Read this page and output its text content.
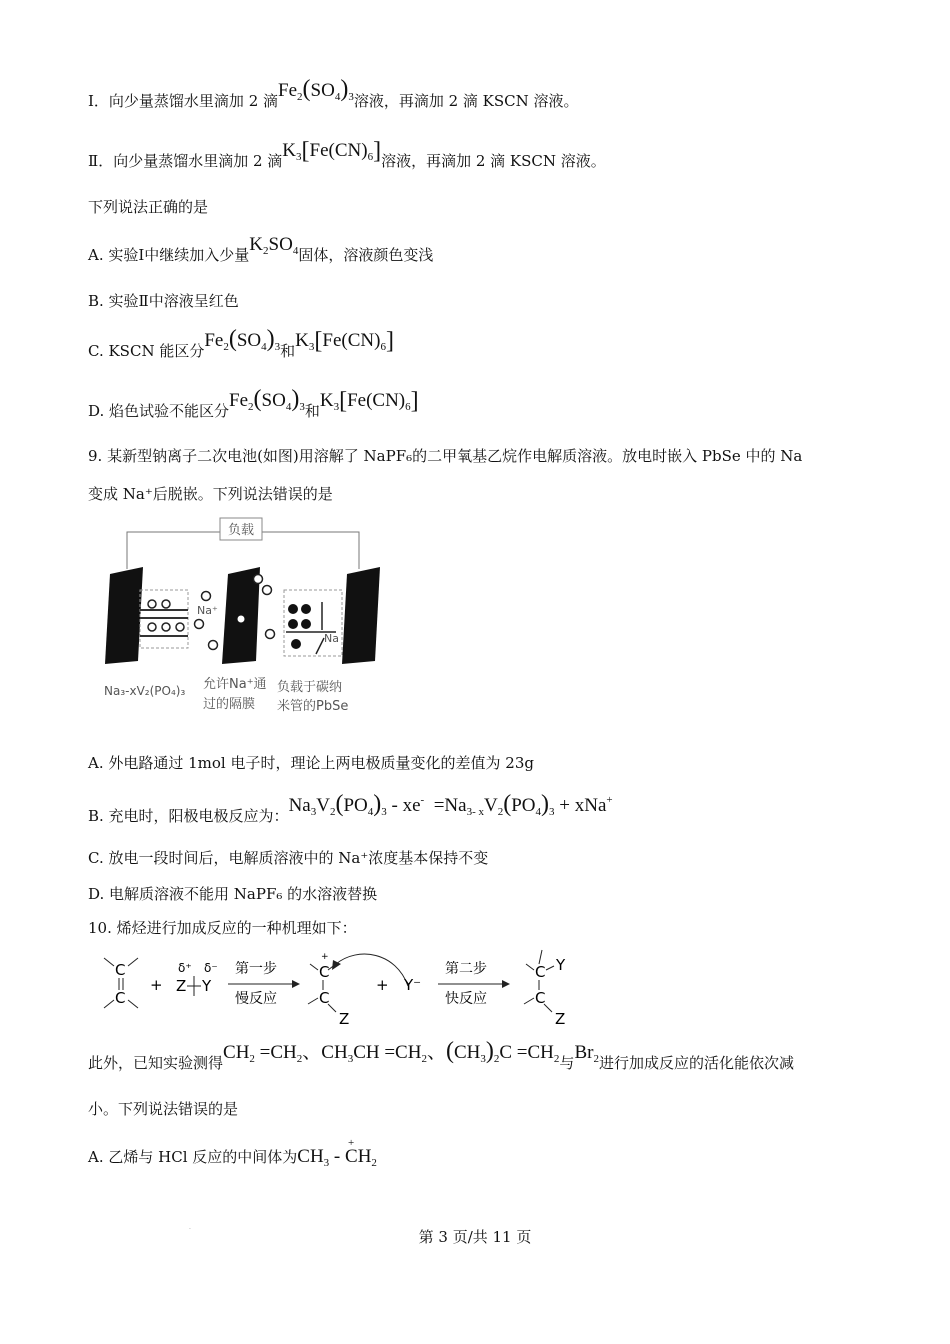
Ⅰ．向少量蒸馏水里滴加 2 滴$Fe_2(SO_4)_3$溶液，再滴加 2 滴 KSCN 溶液。
Ⅱ．向少量蒸馏水里滴加 2 滴$K_3[Fe(CN)_6]$溶液，再滴加 2 滴 KSCN 溶液。
下列说法正确的是
A. 实验Ⅰ中继续加入少量$K_2SO_4$固体，溶液颜色变浅
B. 实验Ⅱ中溶液呈红色
C. KSCN 能区分$Fe_2(SO_4)_3$和$K_3[Fe(CN)_6]$
D. 焰色试验不能区分$Fe_2(SO_4)_3$和$K_3[Fe(CN)_6]$
9. 某新型钠离子二次电池(如图)用溶解了 NaPF₆的二甲氧基乙烷作电解质溶液。放电时嵌入 PbSe 中的 Na
变成 Na⁺后脱嵌。下列说法错误的是
负载
Na⁺
Na
Na₃-xV₂(PO₄)₃ 允许Na⁺通
过的隔膜
负载于碳纳
米管的PbSe
A. 外电路通过 1mol 电子时，理论上两电极质量变化的差值为 23g
B. 充电时，阳极电极反应为：$Na_3V_2(PO_4)_3 - xe^- =Na_{3- x}V_2(PO_4)_3 + xNa^+$
C. 放电一段时间后，电解质溶液中的 Na⁺浓度基本保持不变
D. 电解质溶液不能用 NaPF₆ 的水溶液替换
10. 烯烃进行加成反应的一种机理如下：
C
C
+
δ⁺ δ⁻
Z Y
第一步
慢反应
+
C
C
Z
+ Y⁻
第二步
快反应
C Y
C
Z
此外，已知实验测得$CH_2 =CH_2$、$CH_3CH =CH_2$、$(CH_3)_2C =CH_2$与$Br_2$进行加成反应的活化能依次减
小。下列说法错误的是
A. 乙烯与 HCl 反应的中间体为$CH_3$ - C
+
$H_2$
.
第 3 页/共 11 页
